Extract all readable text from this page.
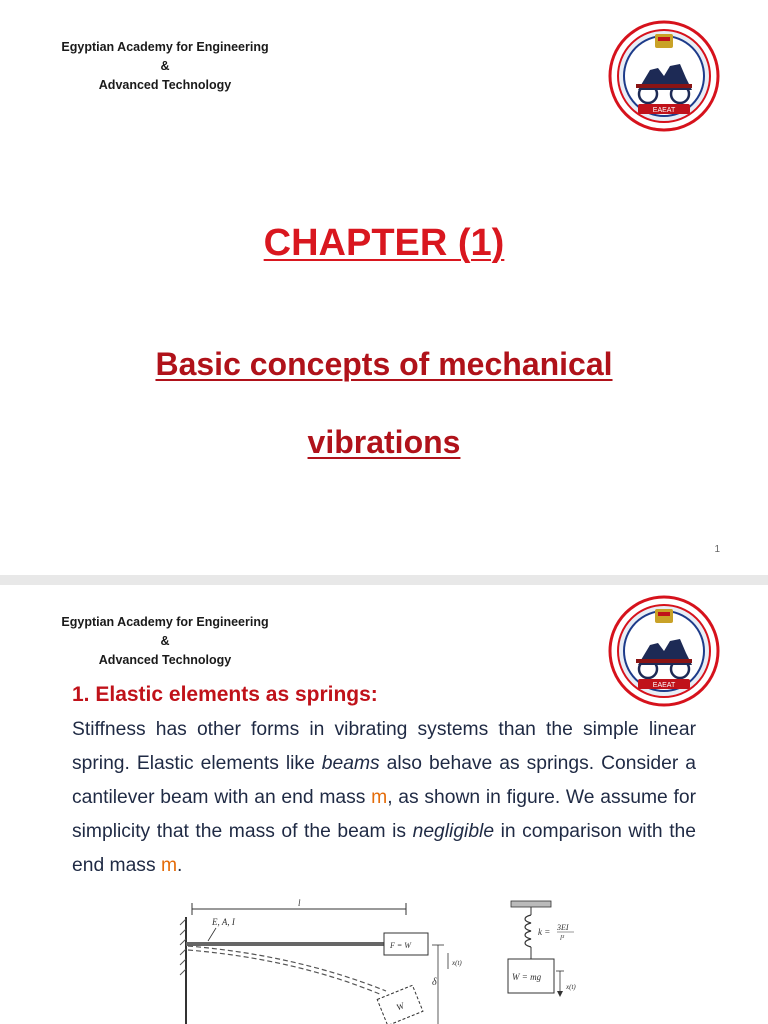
Egyptian Academy for Engineering &
Advanced Technology
EAEAT
CHAPTER (1)
Basic concepts of mechanical
vibrations
1
Egyptian Academy for Engineering &
Advanced Technology
EAEAT
1. Elastic elements as springs:
Stiffness has other forms in vibrating systems than the simple linear spring. Elastic elements like beams also behave as springs. Consider a cantilever beam with an end mass m, as shown in figure. We assume for simplicity that the mass of the beam is negligible in comparison with the end mass m.
l
E, A, I
F = W
W
δ
x(t)
k = 3EI
l³
W = mg
x(t)
